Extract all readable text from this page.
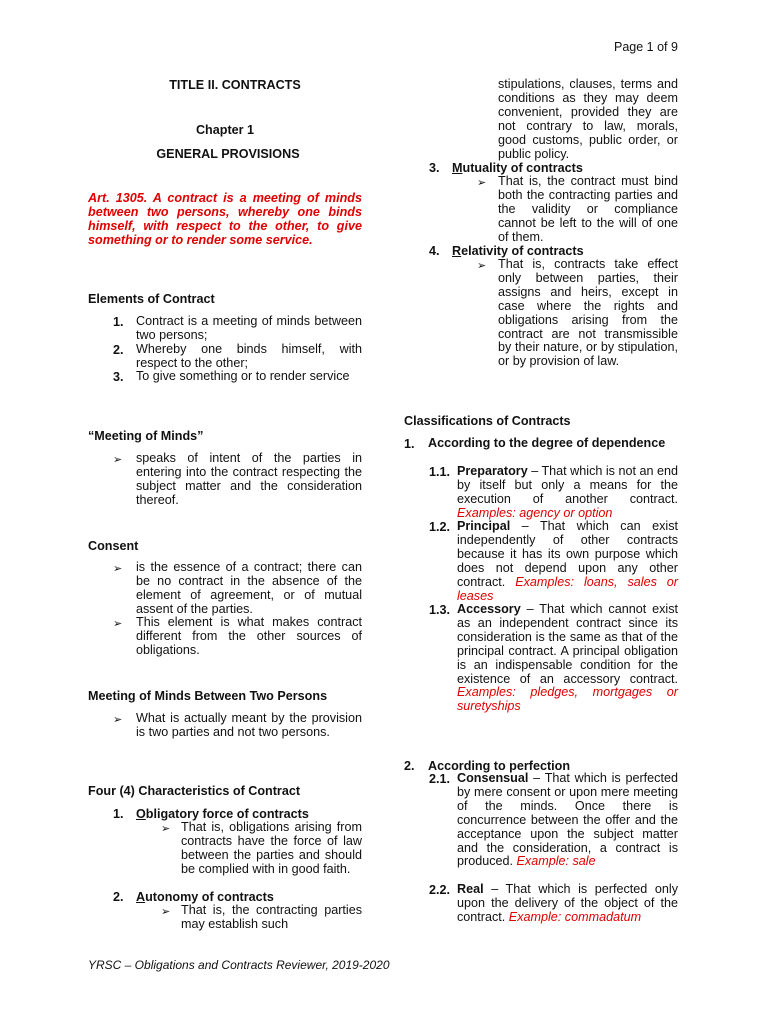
Page 1 of 9
TITLE II. CONTRACTS
Chapter 1
GENERAL PROVISIONS

Art. 1305. A contract is a meeting of minds between two persons, whereby one binds himself, with respect to the other, to give something or to render some service.

Elements of Contract
1. Contract is a meeting of minds between two persons;

2. Whereby one binds himself, with respect to the other;

3. To give something or to render service

“Meeting of Minds”
➢ speaks of intent of the parties in entering into the contract respecting the subject matter and the consideration thereof.

Consent
➢ is the essence of a contract; there can be no contract in the absence of the element of agreement, or of mutual assent of the parties.

➢ This element is what makes contract different from the other sources of obligations.

Meeting of Minds Between Two Persons
➢ What is actually meant by the provision is two parties and not two persons.

Four (4) Characteristics of Contract
1. Obligatory force of contracts
➢ That is, obligations arising from contracts have the force of law between the parties and should be complied with in good faith.

2. Autonomy of contracts
➢ That is, the contracting parties may establish such

stipulations, clauses, terms and conditions as they may deem convenient, provided they are not contrary to law, morals, good customs, public order, or public policy.

3. Mutuality of contracts
➢ That is, the contract must bind both the contracting parties and the validity or compliance cannot be left to the will of one of them.

4. Relativity of contracts
➢ That is, contracts take effect only between parties, their assigns and heirs, except in case where the rights and obligations arising from the contract are not transmissible by their nature, or by stipulation, or by provision of law.

Classifications of Contracts
1. According to the degree of dependence

1.1. Preparatory – That which is not an end by itself but only a means for the execution of another contract. Examples: agency or option

1.2. Principal – That which can exist independently of other contracts because it has its own purpose which does not depend upon any other contract. Examples: loans, sales or leases

1.3. Accessory – That which cannot exist as an independent contract since its consideration is the same as that of the principal contract. A principal obligation is an indispensable condition for the existence of an accessory contract. Examples: pledges, mortgages or suretyships

2. According to perfection
2.1. Consensual – That which is perfected by mere consent or upon mere meeting of the minds. Once there is concurrence between the offer and the acceptance upon the subject matter and the consideration, a contract is produced. Example: sale

2.2. Real – That which is perfected only upon the delivery of the object of the contract. Example: commadatum

YRSC – Obligations and Contracts Reviewer, 2019-2020
